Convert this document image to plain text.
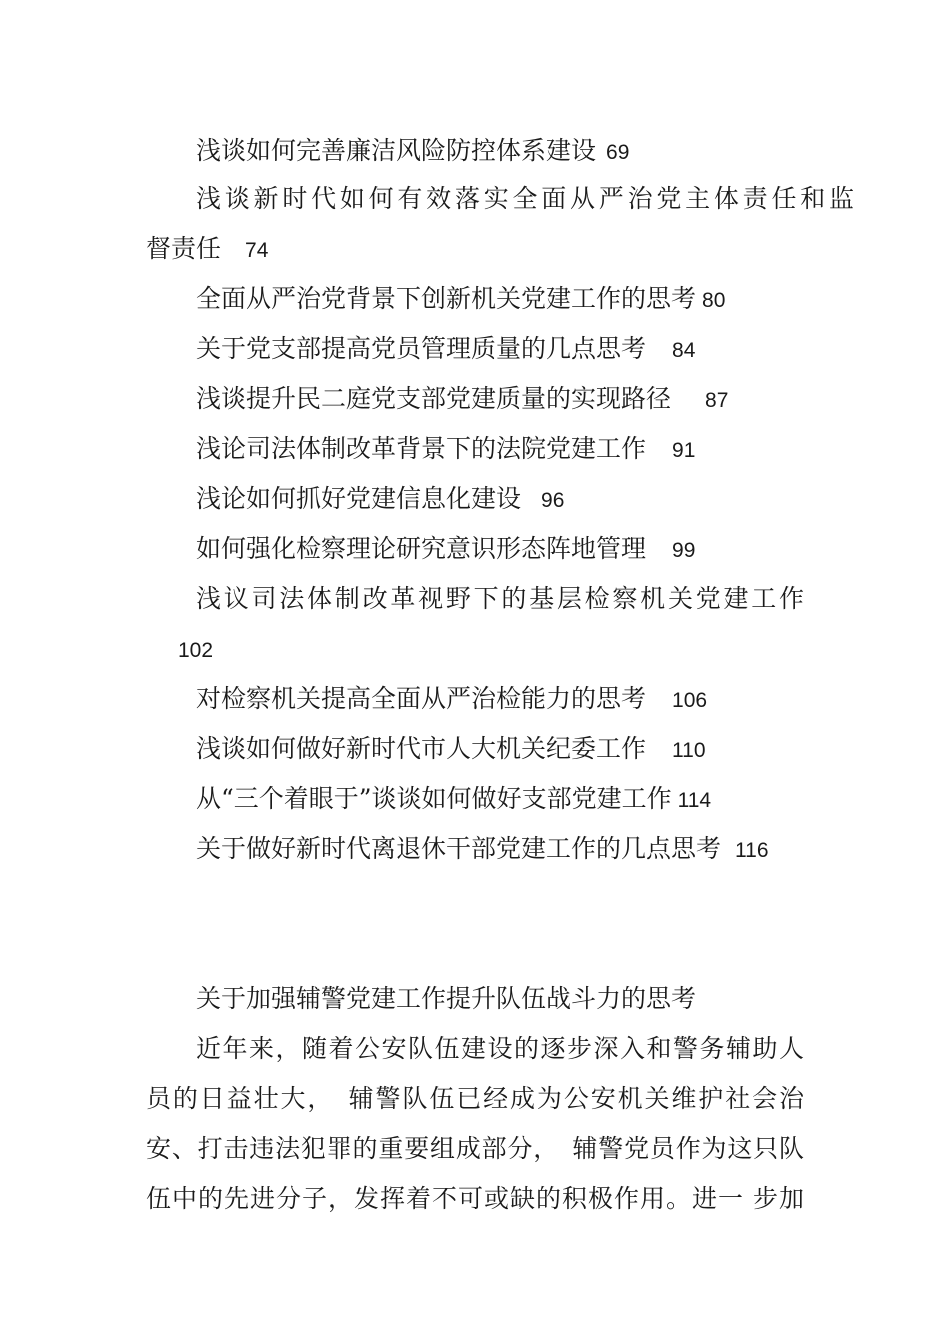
浅谈如何完善廉洁风险防控体系建设 69
浅谈新时代如何有效落实全面从严治党主体责任和监
督责任 74
全面从严治党背景下创新机关党建工作的思考 80
关于党支部提高党员管理质量的几点思考 84
浅谈提升民二庭党支部党建质量的实现路径 87
浅论司法体制改革背景下的法院党建工作 91
浅论如何抓好党建信息化建设 96
如何强化检察理论研究意识形态阵地管理 99
浅议司法体制改革视野下的基层检察机关党建工作
102
对检察机关提高全面从严治检能力的思考 106
浅谈如何做好新时代市人大机关纪委工作 110
从“三个着眼于”谈谈如何做好支部党建工作 114
关于做好新时代离退休干部党建工作的几点思考 116
关于加强辅警党建工作提升队伍战斗力的思考
近年来，随着公安队伍建设的逐步深入和警务辅助人
员的日益壮大，　辅警队伍已经成为公安机关维护社会治
安、打击违法犯罪的重要组成部分，　辅警党员作为这只队
伍中的先进分子，发挥着不可或缺的积极作用。进一 步加
